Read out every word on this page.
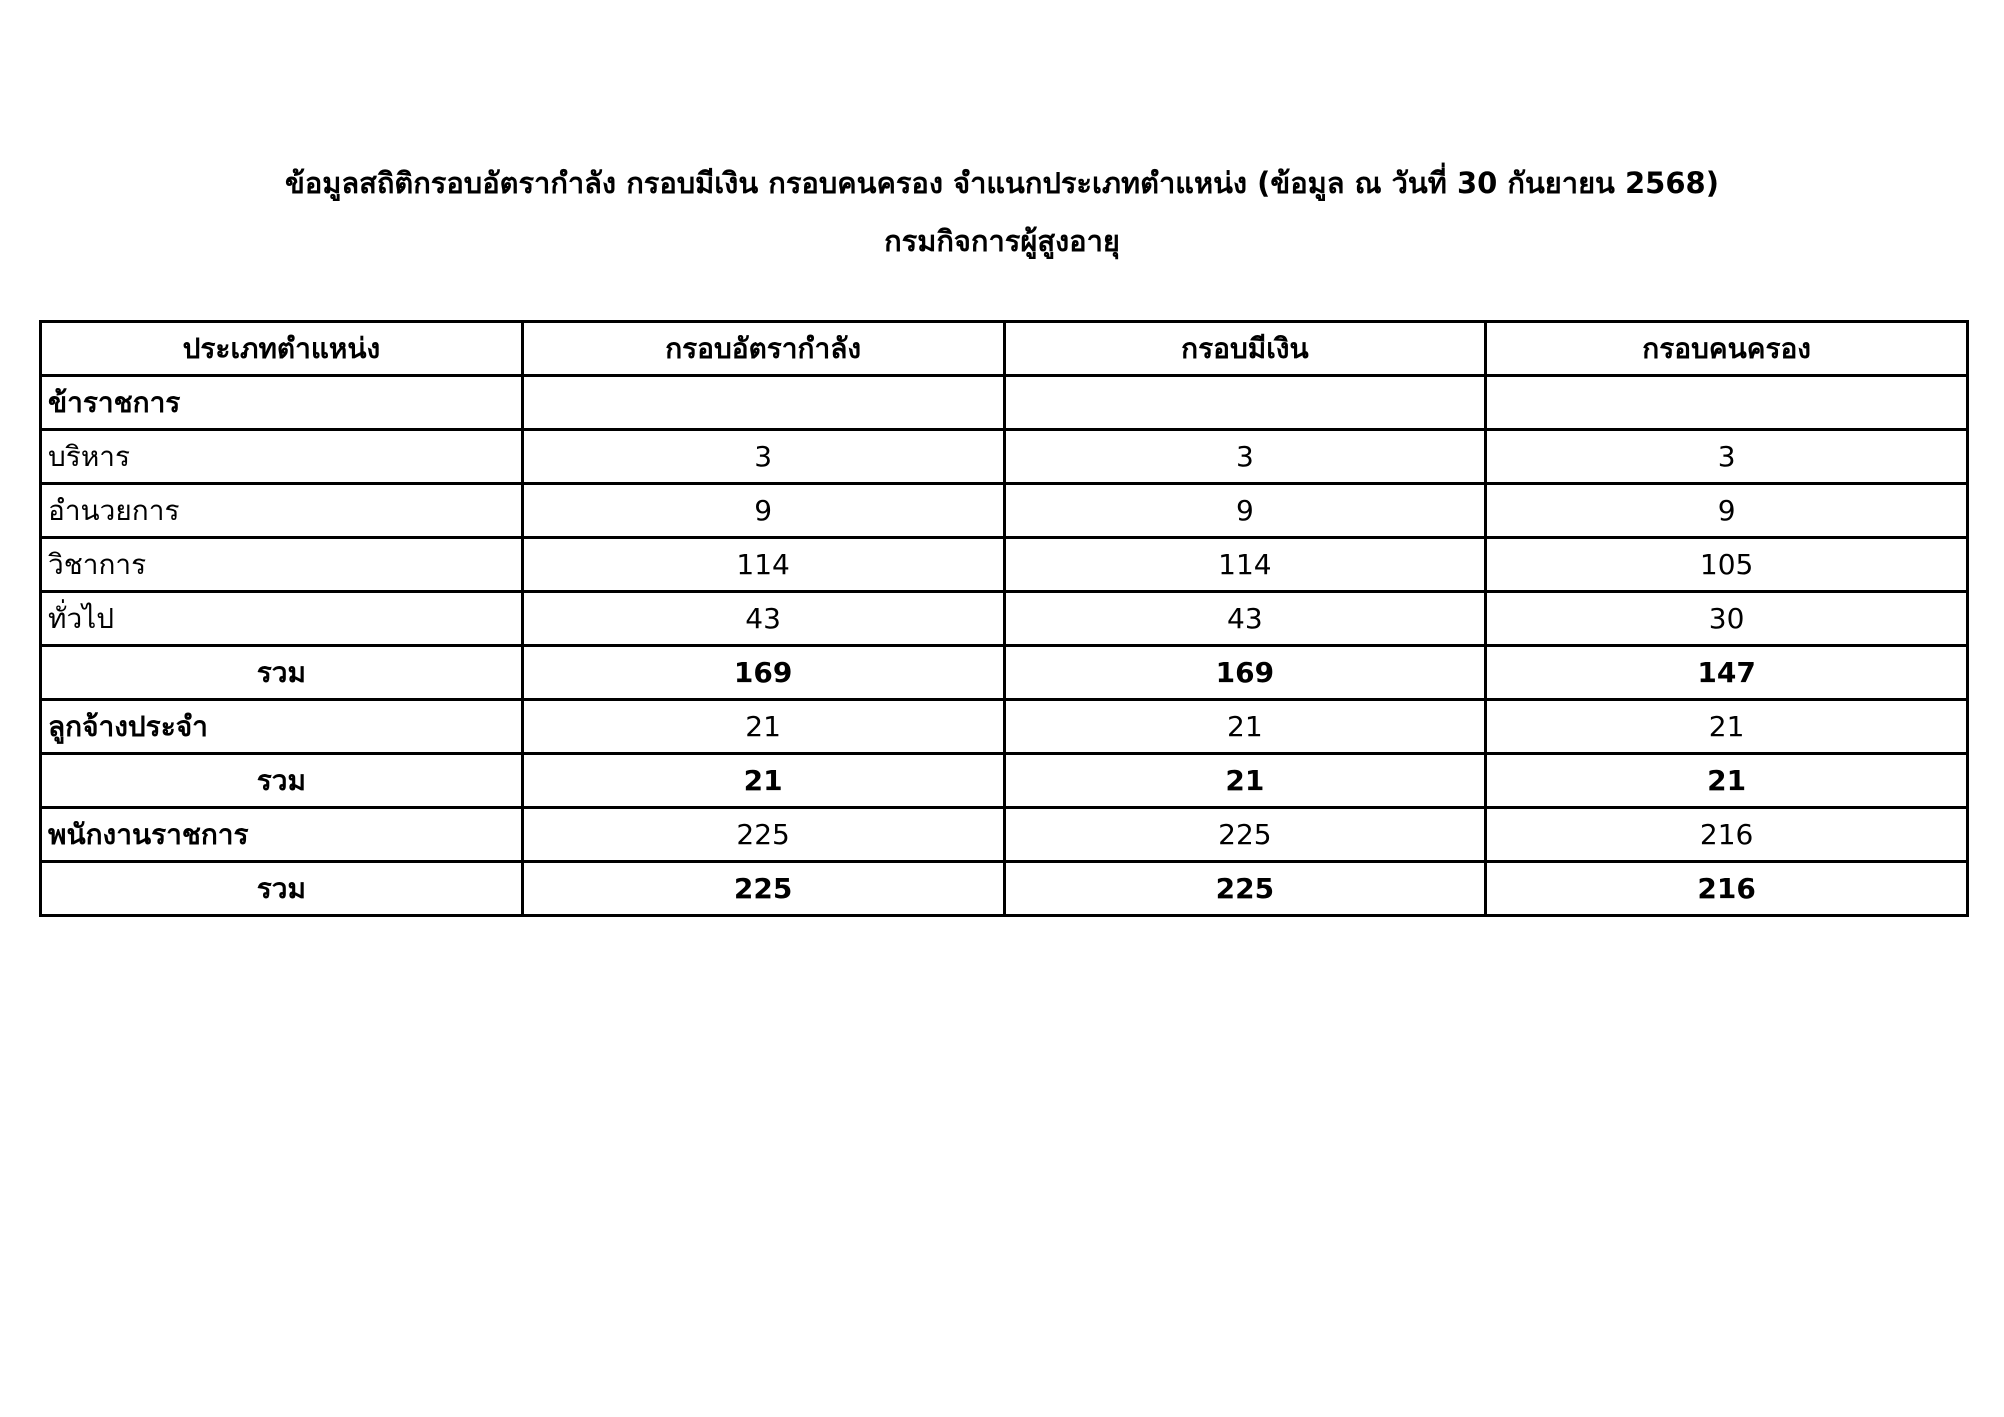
ข้อมูลสถิติกรอบอัตรากำลัง กรอบมีเงิน กรอบคนครอง จำแนกประเภทตำแหน่ง (ข้อมูล ณ วันที่ 30 กันยายน 2568)
กรมกิจการผู้สูงอายุ
ประเภทตำแหน่ง	กรอบอัตรากำลัง	กรอบมีเงิน	กรอบคนครอง
ข้าราชการ			
บริหาร	3	3	3
อำนวยการ	9	9	9
วิชาการ	114	114	105
ทั่วไป	43	43	30
รวม	169	169	147
ลูกจ้างประจำ	21	21	21
รวม	21	21	21
พนักงานราชการ	225	225	216
รวม	225	225	216
